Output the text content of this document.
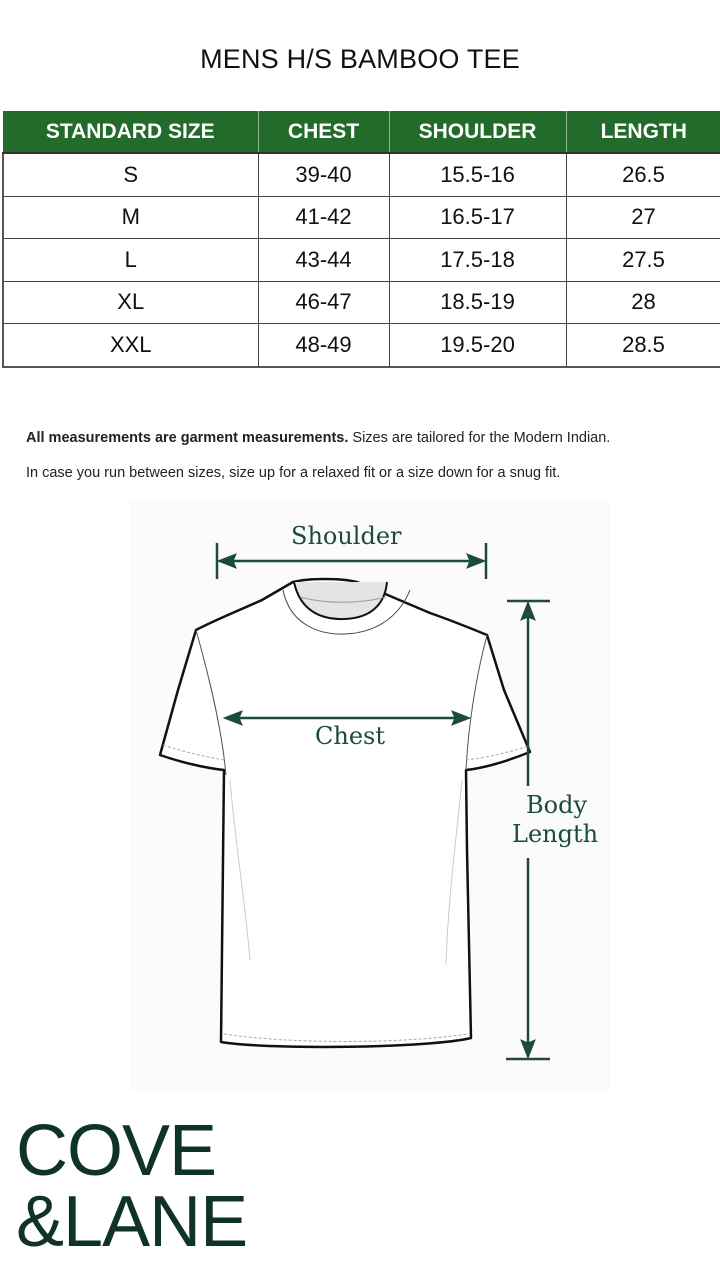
MENS H/S BAMBOO TEE
STANDARD SIZE	CHEST	SHOULDER	LENGTH
S	39-40	15.5-16	26.5
M	41-42	16.5-17	27
L	43-44	17.5-18	27.5
XL	46-47	18.5-19	28
XXL	48-49	19.5-20	28.5

All measurements are garment measurements. Sizes are tailored for the Modern Indian.

In case you run between sizes, size up for a relaxed fit or a size down for a snug fit.

Shoulder
Chest
Body
Length
COVE
&LANE
